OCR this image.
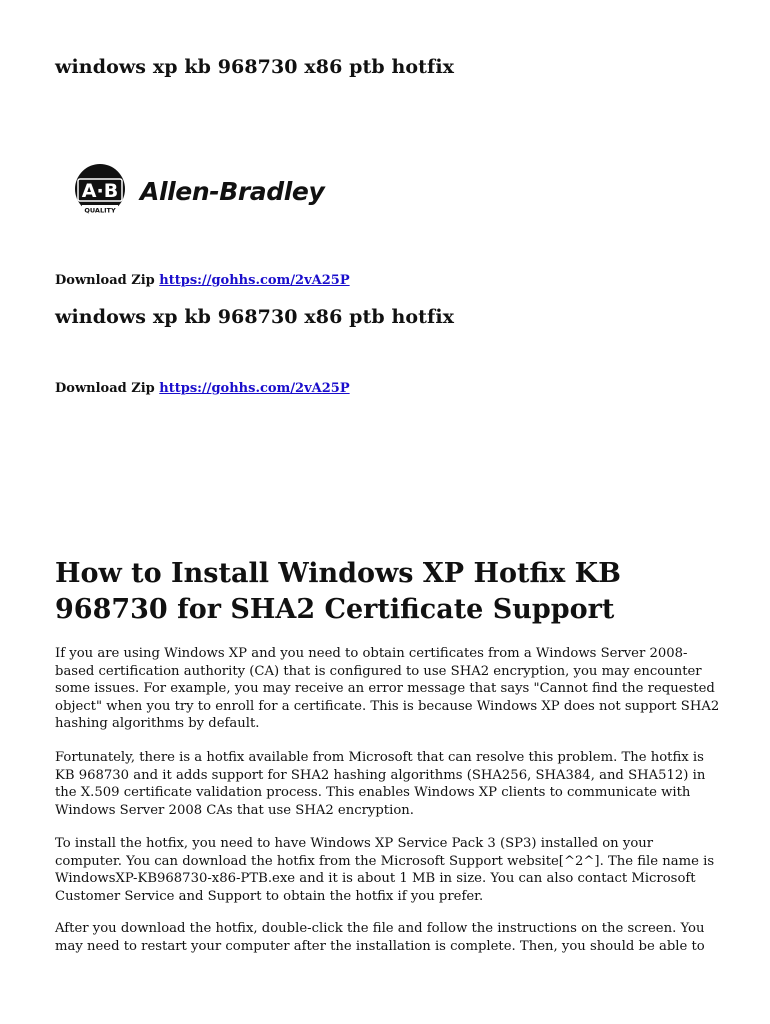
windows xp kb 968730 x86 ptb hotfix
A·B
QUALITY
Allen-Bradley

Download Zip https://gohhs.com/2vA25P

windows xp kb 968730 x86 ptb hotfix

Download Zip https://gohhs.com/2vA25P

How to Install Windows XP Hotfix KB 968730 for SHA2 Certificate Support

If you are using Windows XP and you need to obtain certificates from a Windows Server 2008-based certification authority (CA) that is configured to use SHA2 encryption, you may encounter some issues. For example, you may receive an error message that says "Cannot find the requested object" when you try to enroll for a certificate. This is because Windows XP does not support SHA2 hashing algorithms by default.

Fortunately, there is a hotfix available from Microsoft that can resolve this problem. The hotfix is KB 968730 and it adds support for SHA2 hashing algorithms (SHA256, SHA384, and SHA512) in the X.509 certificate validation process. This enables Windows XP clients to communicate with Windows Server 2008 CAs that use SHA2 encryption.

To install the hotfix, you need to have Windows XP Service Pack 3 (SP3) installed on your computer. You can download the hotfix from the Microsoft Support website[^2^]. The file name is WindowsXP-KB968730-x86-PTB.exe and it is about 1 MB in size. You can also contact Microsoft Customer Service and Support to obtain the hotfix if you prefer.

After you download the hotfix, double-click the file and follow the instructions on the screen. You may need to restart your computer after the installation is complete. Then, you should be able to
